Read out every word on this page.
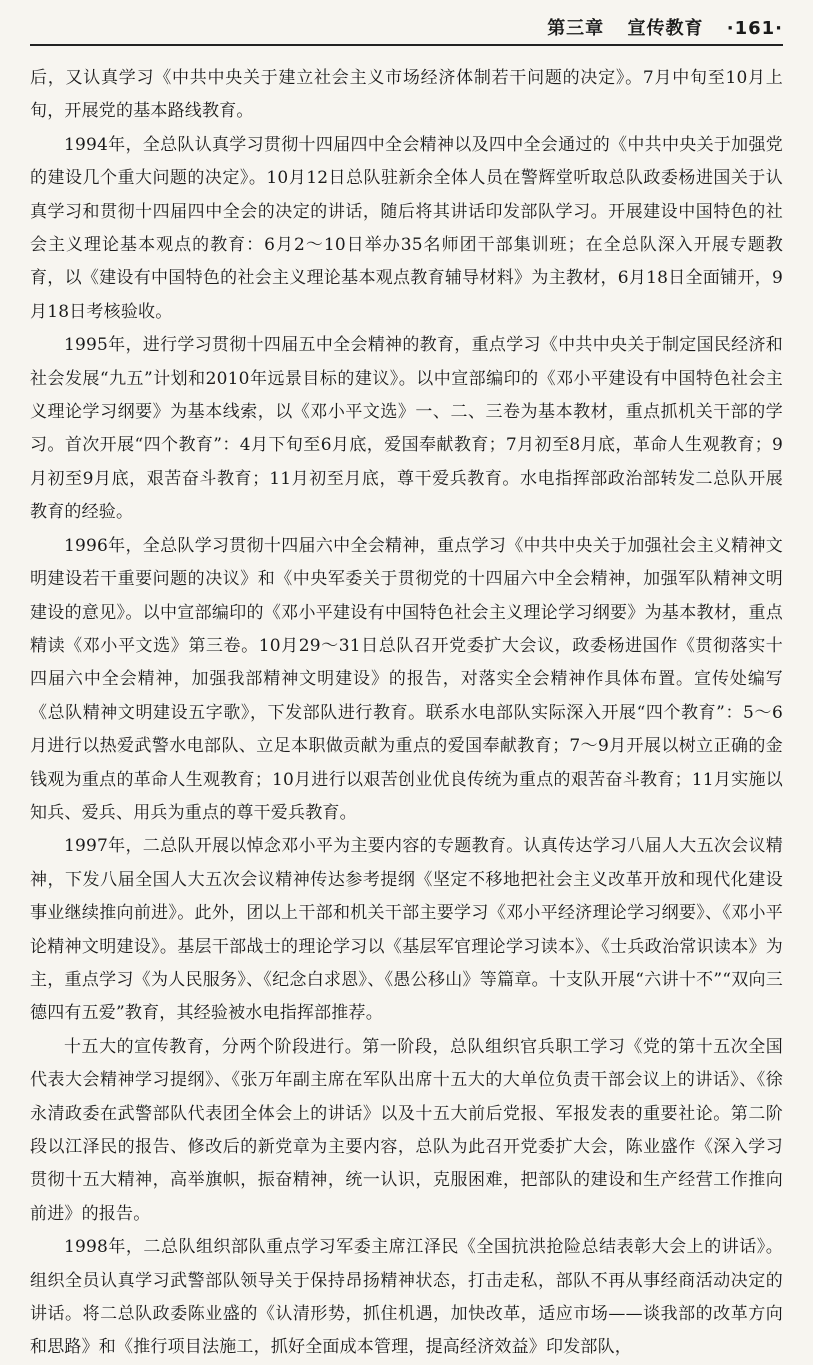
第三章 宣传教育 ·161·

后，又认真学习《中共中央关于建立社会主义市场经济体制若干问题的决定》。7月中旬至10月上旬，开展党的基本路线教育。

1994年，全总队认真学习贯彻十四届四中全会精神以及四中全会通过的《中共中央关于加强党的建设几个重大问题的决定》。10月12日总队驻新余全体人员在警辉堂听取总队政委杨进国关于认真学习和贯彻十四届四中全会的决定的讲话，随后将其讲话印发部队学习。开展建设中国特色的社会主义理论基本观点的教育：6月2～10日举办35名师团干部集训班；在全总队深入开展专题教育，以《建设有中国特色的社会主义理论基本观点教育辅导材料》为主教材，6月18日全面铺开，9月18日考核验收。

1995年，进行学习贯彻十四届五中全会精神的教育，重点学习《中共中央关于制定国民经济和社会发展“九五”计划和2010年远景目标的建议》。以中宣部编印的《邓小平建设有中国特色社会主义理论学习纲要》为基本线索，以《邓小平文选》一、二、三卷为基本教材，重点抓机关干部的学习。首次开展“四个教育”：4月下旬至6月底，爱国奉献教育；7月初至8月底，革命人生观教育；9月初至9月底，艰苦奋斗教育；11月初至月底，尊干爱兵教育。水电指挥部政治部转发二总队开展教育的经验。

1996年，全总队学习贯彻十四届六中全会精神，重点学习《中共中央关于加强社会主义精神文明建设若干重要问题的决议》和《中央军委关于贯彻党的十四届六中全会精神，加强军队精神文明建设的意见》。以中宣部编印的《邓小平建设有中国特色社会主义理论学习纲要》为基本教材，重点精读《邓小平文选》第三卷。10月29～31日总队召开党委扩大会议，政委杨进国作《贯彻落实十四届六中全会精神，加强我部精神文明建设》的报告，对落实全会精神作具体布置。宣传处编写《总队精神文明建设五字歌》，下发部队进行教育。联系水电部队实际深入开展“四个教育”：5～6月进行以热爱武警水电部队、立足本职做贡献为重点的爱国奉献教育；7～9月开展以树立正确的金钱观为重点的革命人生观教育；10月进行以艰苦创业优良传统为重点的艰苦奋斗教育；11月实施以知兵、爱兵、用兵为重点的尊干爱兵教育。

1997年，二总队开展以悼念邓小平为主要内容的专题教育。认真传达学习八届人大五次会议精神，下发八届全国人大五次会议精神传达参考提纲《坚定不移地把社会主义改革开放和现代化建设事业继续推向前进》。此外，团以上干部和机关干部主要学习《邓小平经济理论学习纲要》、《邓小平论精神文明建设》。基层干部战士的理论学习以《基层军官理论学习读本》、《士兵政治常识读本》为主，重点学习《为人民服务》、《纪念白求恩》、《愚公移山》等篇章。十支队开展“六讲十不”“双向三德四有五爱”教育，其经验被水电指挥部推荐。

十五大的宣传教育，分两个阶段进行。第一阶段，总队组织官兵职工学习《党的第十五次全国代表大会精神学习提纲》、《张万年副主席在军队出席十五大的大单位负责干部会议上的讲话》、《徐永清政委在武警部队代表团全体会上的讲话》以及十五大前后党报、军报发表的重要社论。第二阶段以江泽民的报告、修改后的新党章为主要内容，总队为此召开党委扩大会，陈业盛作《深入学习贯彻十五大精神，高举旗帜，振奋精神，统一认识，克服困难，把部队的建设和生产经营工作推向前进》的报告。

1998年，二总队组织部队重点学习军委主席江泽民《全国抗洪抢险总结表彰大会上的讲话》。组织全员认真学习武警部队领导关于保持昂扬精神状态，打击走私，部队不再从事经商活动决定的讲话。将二总队政委陈业盛的《认清形势，抓住机遇，加快改革，适应市场——谈我部的改革方向和思路》和《推行项目法施工，抓好全面成本管理，提高经济效益》印发部队，
